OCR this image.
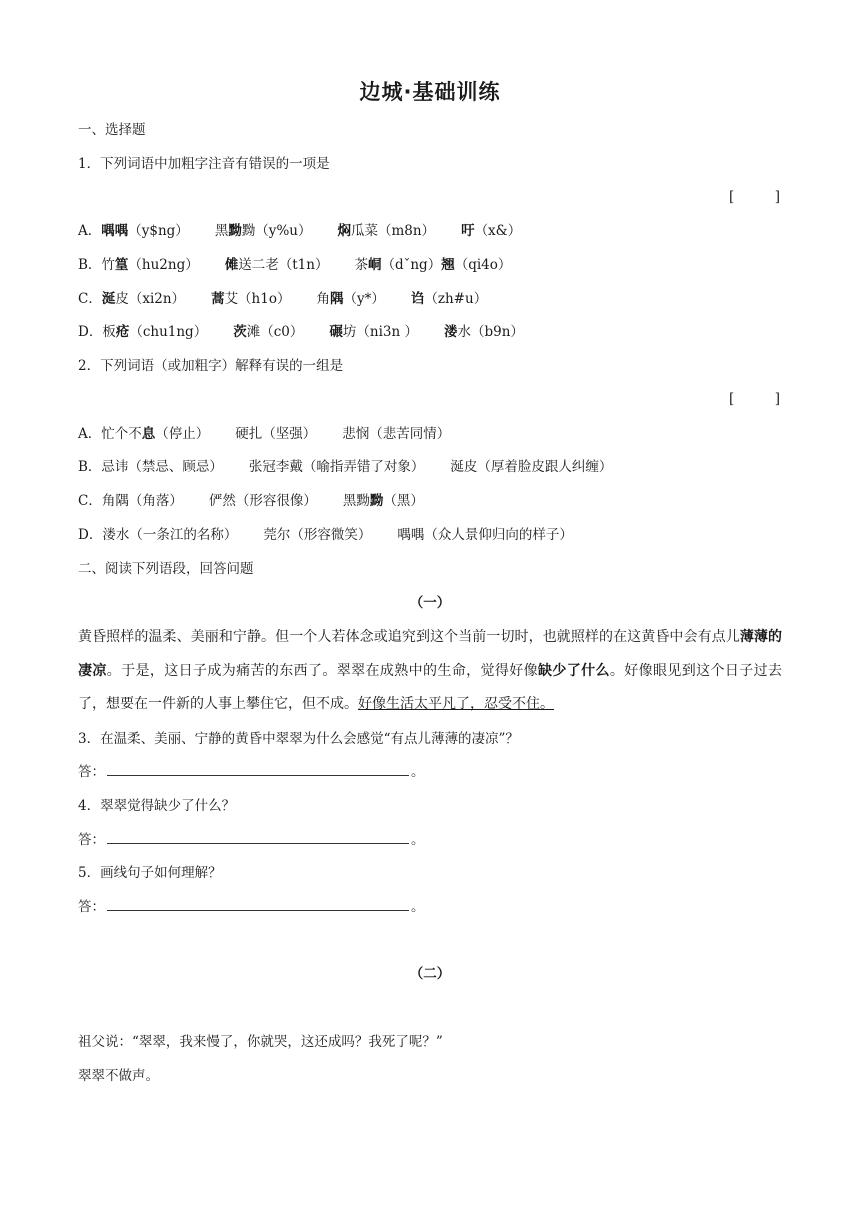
边城·基础训练
一、选择题
1．下列词语中加粗字注音有错误的一项是
[　　　]
A．喁喁（y$ng） 黑黝黝（y%u） 焖瓜菜（m8n） 吁（x&）
B．竹篁（hu2ng） 傩送二老（t1n） 茶峒（dˇng）翘（qi4o）
C．涎皮（xi2n） 蒿艾（h1o） 角隅（y*） 诌（zh#u）
D．板疮（chu1ng） 茨滩（c0） 碾坊（ni3n ） 溇水（b9n）
2．下列词语（或加粗字）解释有误的一组是
[　　　]
A．忙个不息（停止） 硬扎（坚强） 悲悯（悲苦同情）
B．忌讳（禁忌、顾忌） 张冠李戴（喻指弄错了对象） 涎皮（厚着脸皮跟人纠缠）
C．角隅（角落） 俨然（形容很像） 黑黝黝（黑）
D．溇水（一条江的名称） 莞尔（形容微笑） 喁喁（众人景仰归向的样子）
二、阅读下列语段，回答问题
（一）
黄昏照样的温柔、美丽和宁静。但一个人若体念或追究到这个当前一切时，也就照样的在这黄昏中会有点儿薄薄的凄凉。于是，这日子成为痛苦的东西了。翠翠在成熟中的生命，觉得好像缺少了什么。好像眼见到这个日子过去了，想要在一件新的人事上攀住它，但不成。好像生活太平凡了，忍受不住。
3．在温柔、美丽、宁静的黄昏中翠翠为什么会感觉“有点儿薄薄的凄凉”？
答：	。
4．翠翠觉得缺少了什么？
答：	。
5．画线句子如何理解？
答：	。
（二）
祖父说：“翠翠，我来慢了，你就哭，这还成吗？我死了呢？”
翠翠不做声。
